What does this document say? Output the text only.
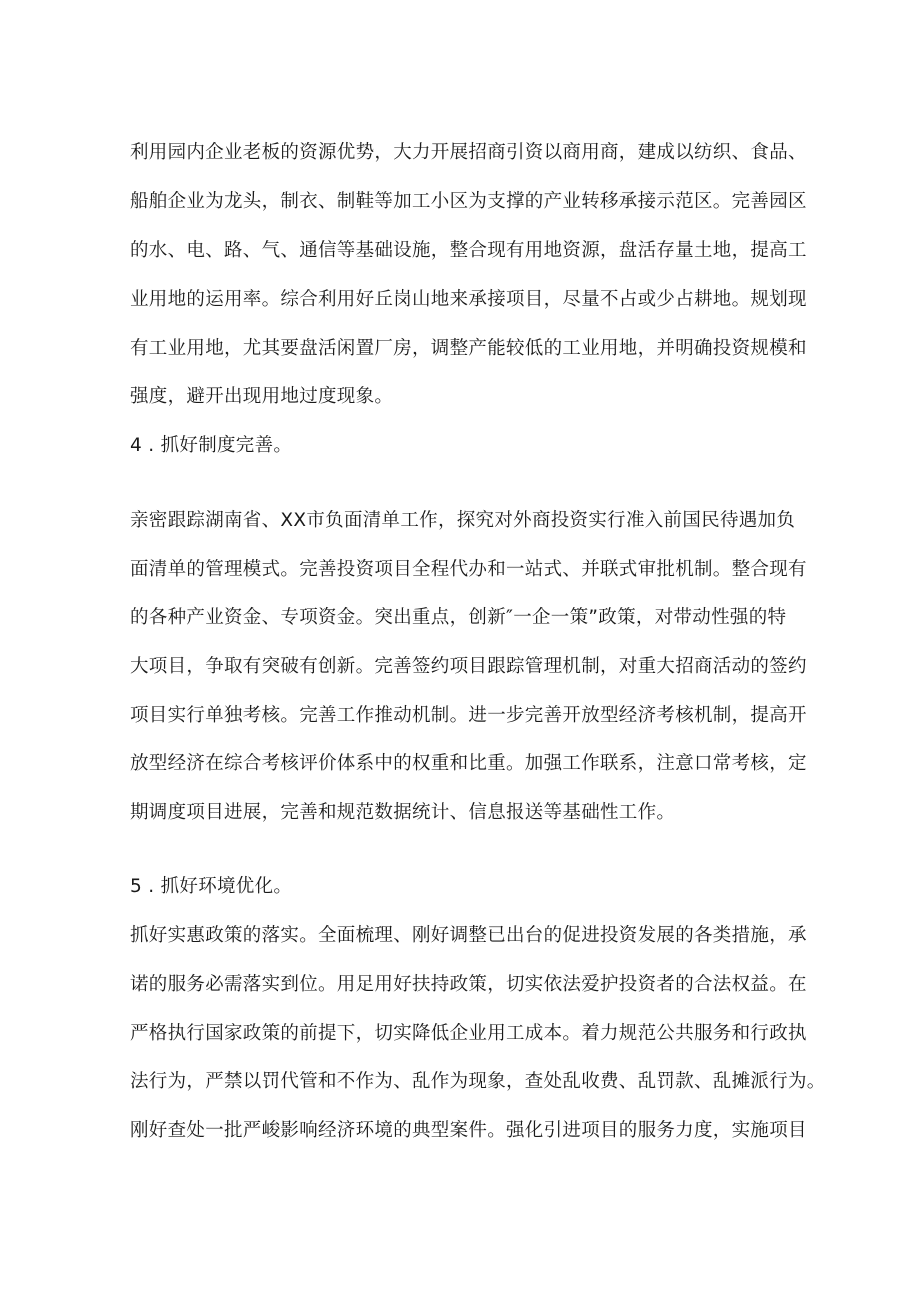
利用园内企业老板的资源优势，大力开展招商引资以商用商，建成以纺织、食品、
船舶企业为龙头，制衣、制鞋等加工小区为支撑的产业转移承接示范区。完善园区
的水、电、路、气、通信等基础设施，整合现有用地资源，盘活存量土地，提高工
业用地的运用率。综合利用好丘岗山地来承接项目，尽量不占或少占耕地。规划现
有工业用地，尤其要盘活闲置厂房，调整产能较低的工业用地，并明确投资规模和
强度，避开出现用地过度现象。
4 . 抓好制度完善。
亲密跟踪湖南省、XX市负面清单工作，探究对外商投资实行准入前国民待遇加负
面清单的管理模式。完善投资项目全程代办和一站式、并联式审批机制。整合现有
的各种产业资金、专项资金。突出重点，创新″一企一策”政策，对带动性强的特
大项目，争取有突破有创新。完善签约项目跟踪管理机制，对重大招商活动的签约
项目实行单独考核。完善工作推动机制。进一步完善开放型经济考核机制，提高开
放型经济在综合考核评价体系中的权重和比重。加强工作联系，注意口常考核，定
期调度项目进展，完善和规范数据统计、信息报送等基础性工作。
5 . 抓好环境优化。
抓好实惠政策的落实。全面梳理、刚好调整已出台的促进投资发展的各类措施，承
诺的服务必需落实到位。用足用好扶持政策，切实依法爱护投资者的合法权益。在
严格执行国家政策的前提下，切实降低企业用工成本。着力规范公共服务和行政执
法行为，严禁以罚代管和不作为、乱作为现象，查处乱收费、乱罚款、乱摊派行为。
刚好查处一批严峻影响经济环境的典型案件。强化引进项目的服务力度，实施项目
